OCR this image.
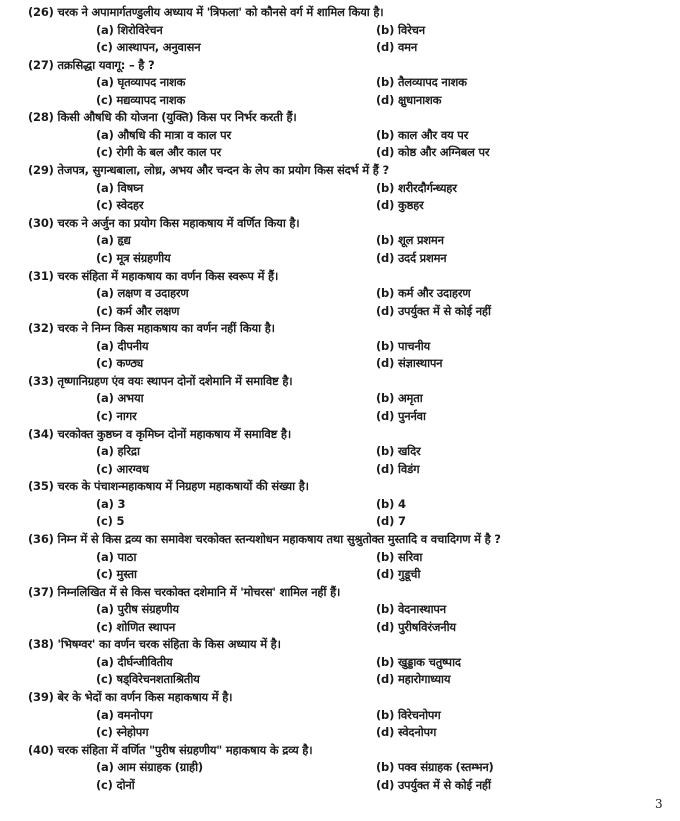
(26) चरक ने अपामार्गतण्डुलीय अध्याय में 'त्रिफला' को कौनसे वर्ग में शामिल किया है।
(a) शिरोविरेचन	(b) विरेचन
(c) आस्थापन, अनुवासन	(d) वमन
(27) तक्रसिद्धा यवागू: – है ?
(a) घृतव्यापद नाशक	(b) तैलव्यापद नाशक
(c) मद्यव्यापद नाशक	(d) क्षुधानाशक
(28) किसी औषधि की योजना (युक्ति) किस पर निर्भर करती हैं।
(a) औषधि की मात्रा व काल पर	(b) काल और वय पर
(c) रोगी के बल और काल पर	(d) कोष्ठ और अग्निबल पर
(29) तेजपत्र, सुगन्धबाला, लोध्र, अभय और चन्दन के लेप का प्रयोग किस संदर्भ में हैं ?
(a) विषघ्न	(b) शरीरदौर्गन्ध्यहर
(c) स्वेदहर	(d) कुष्ठहर
(30) चरक ने अर्जुन का प्रयोग किस महाकषाय में वर्णित किया है।
(a) हृद्य	(b) शूल प्रशमन
(c) मूत्र संग्रहणीय	(d) उदर्द प्रशमन
(31) चरक संहिता में महाकषाय का वर्णन किस स्वरूप में हैं।
(a) लक्षण व उदाहरण	(b) कर्म और उदाहरण
(c) कर्म और लक्षण	(d) उपर्युक्त में से कोई नहीं
(32) चरक ने निम्न किस महाकषाय का वर्णन नहीं किया है।
(a) दीपनीय	(b) पाचनीय
(c) कण्ठ्य	(d) संज्ञास्थापन
(33) तृष्णानिग्रहण एंव वयः स्थापन दोनों दशेमानि में समाविष्ट है।
(a) अभया	(b) अमृता
(c) नागर	(d) पुनर्नवा
(34) चरकोक्त कुष्ठघ्न व कृमिघ्न दोनों महाकषाय में समाविष्ट है।
(a) हरिद्रा	(b) खदिर
(c) आरग्वध	(d) विडंग
(35) चरक के पंचाशन्महाकषाय में निग्रहण महाकषायों की संख्या है।
(a) 3	(b) 4
(c) 5	(d) 7
(36) निम्न में से किस द्रव्य का समावेश चरकोक्त स्तन्यशोधन महाकषाय तथा सुश्रुतोक्त मुस्तादि व वचादिगण में है ?
(a) पाठा	(b) सरिवा
(c) मुस्ता	(d) गुडूची
(37) निम्नलिखित में से किस चरकोक्त दशेमानि में 'मोचरस' शामिल नहीं हैं।
(a) पुरीष संग्रहणीय	(b) वेदनास्थापन
(c) शोणित स्थापन	(d) पुरीषविरंजनीय
(38) 'भिषग्वर' का वर्णन चरक संहिता के किस अध्याय में है।
(a) दीर्घन्जीवितीय	(b) खुड्डाक चतुष्पाद
(c) षड्विरेचनशताश्रितीय	(d) महारोगाध्याय
(39) बेर के भेदों का वर्णन किस महाकषाय में है।
(a) वमनोपग	(b) विरेचनोपग
(c) स्नेहोपग	(d) स्वेदनोपग
(40) चरक संहिता में वर्णित "पुरीष संग्रहणीय" महाकषाय के द्रव्य है।
(a) आम संग्राहक (ग्राही)	(b) पक्व संग्राहक (स्तम्भन)
(c) दोनों	(d) उपर्युक्त में से कोई नहीं
3
